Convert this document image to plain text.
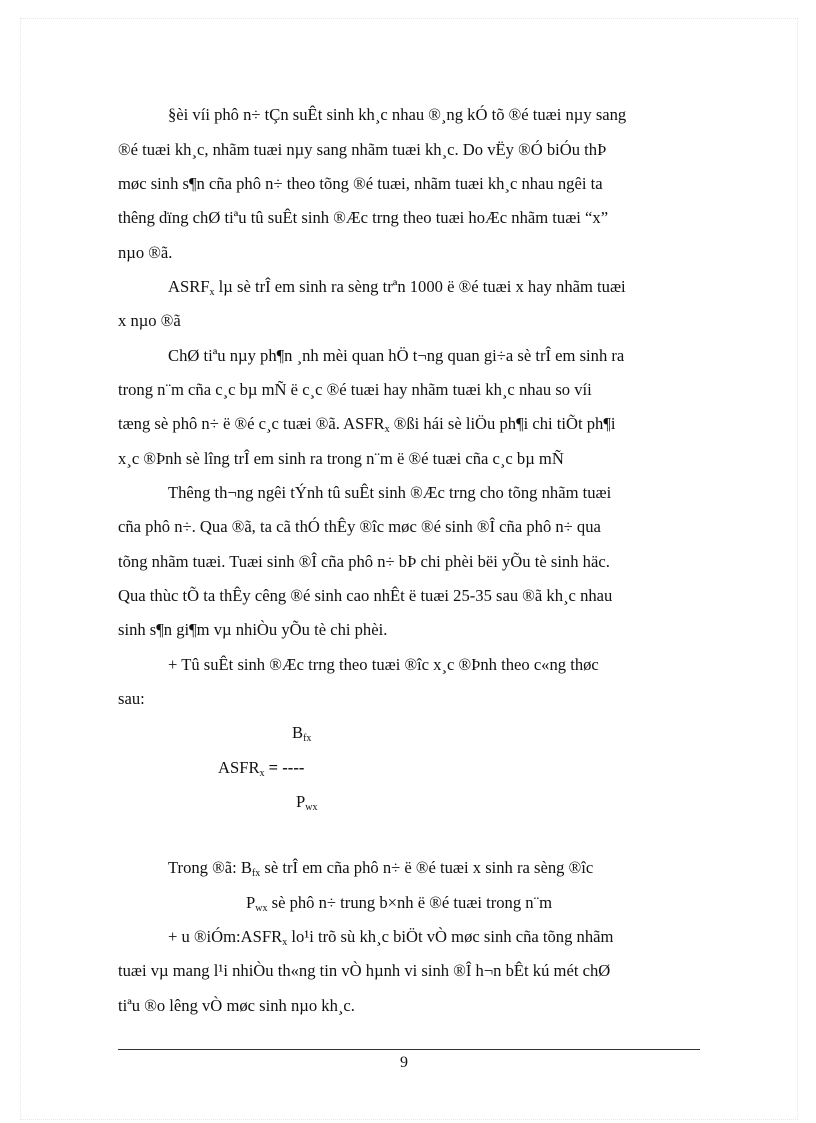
§èi víi phô n÷ tÇn suÊt sinh kh¸c nhau ®¸ng kÓ tõ ®é tuæi nµy sang
®é tuæi kh¸c, nhãm tuæi nµy sang nhãm tuæi kh¸c. Do vËy ®Ó biÓu thÞ
møc sinh s¶n cña phô n÷ theo tõng ®é tuæi, nhãm tuæi kh¸c nhau ngêi ta
thêng dïng chØ tiªu tû suÊt sinh ®Æc trng theo tuæi hoÆc nhãm tuæi “x”
nµo ®ã.
$ASRF_x$ lµ sè trÎ em sinh ra sèng trªn 1000 ë ®é tuæi x hay nhãm tuæi
x nµo ®ã
ChØ tiªu nµy ph¶n ¸nh mèi quan hÖ t¬ng quan gi÷a sè trÎ em sinh ra
trong n¨m cña c¸c bµ mÑ ë c¸c ®é tuæi hay nhãm tuæi kh¸c nhau so víi
tæng sè phô n÷ ë ®é c¸c tuæi ®ã. $ASFR_x$ ®ßi hái sè liÖu ph¶i chi tiÕt ph¶i
x¸c ®Þnh sè lîng trÎ em sinh ra trong n¨m ë ®é tuæi cña c¸c bµ mÑ
Thêng th¬ng ngêi tÝnh tû suÊt sinh ®Æc trng cho tõng nhãm tuæi
cña phô n÷. Qua ®ã, ta cã thÓ thÊy ®îc møc ®é sinh ®Î cña phô n÷ qua
tõng nhãm tuæi. Tuæi sinh ®Î cña phô n÷ bÞ chi phèi bëi yÕu tè sinh häc.
Qua thùc tÕ ta thÊy cêng ®é sinh cao nhÊt ë tuæi 25-35 sau ®ã kh¸c nhau
sinh s¶n gi¶m vµ nhiÒu yÕu tè chi phèi.
+ Tû suÊt sinh ®Æc trng theo tuæi ®îc x¸c ®Þnh theo c«ng thøc
sau:
$B_{fx}$
$ASFR_x$ = ----
$P_{wx}$
Trong ®ã: $B_{fx}$ sè trÎ em cña phô n÷ ë ®é tuæi x sinh ra sèng ®îc
$P_{wx}$ sè phô n÷ trung b×nh ë ®é tuæi trong n¨m
+ u $®iÓm:ASFR_x$ lo¹i trõ sù kh¸c biÖt vÒ møc sinh cña tõng nhãm
tuæi vµ mang l¹i nhiÒu th«ng tin vÒ hµnh vi sinh ®Î h¬n bÊt kú mét chØ
tiªu ®o lêng vÒ møc sinh nµo kh¸c.
9
